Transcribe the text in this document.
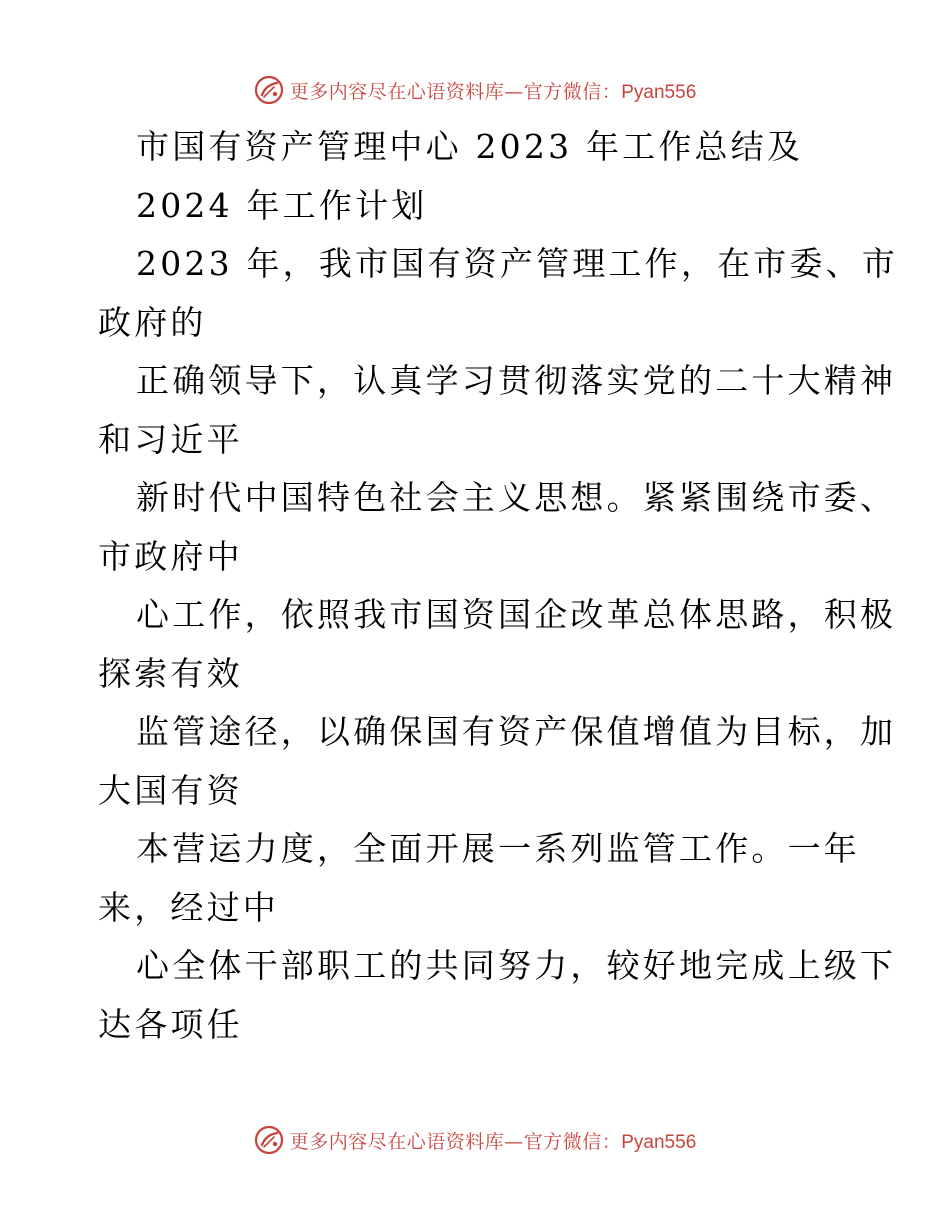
更多内容尽在心语资料库—官方微信：Pyan556
市国有资产管理中心 2023 年工作总结及
2024 年工作计划
2023 年，我市国有资产管理工作，在市委、市
政府的
正确领导下，认真学习贯彻落实党的二十大精神
和习近平
新时代中国特色社会主义思想。紧紧围绕市委、
市政府中
心工作，依照我市国资国企改革总体思路，积极
探索有效
监管途径，以确保国有资产保值增值为目标，加
大国有资
本营运力度，全面开展一系列监管工作。一年
来，经过中
心全体干部职工的共同努力，较好地完成上级下
达各项任
更多内容尽在心语资料库—官方微信：Pyan556
